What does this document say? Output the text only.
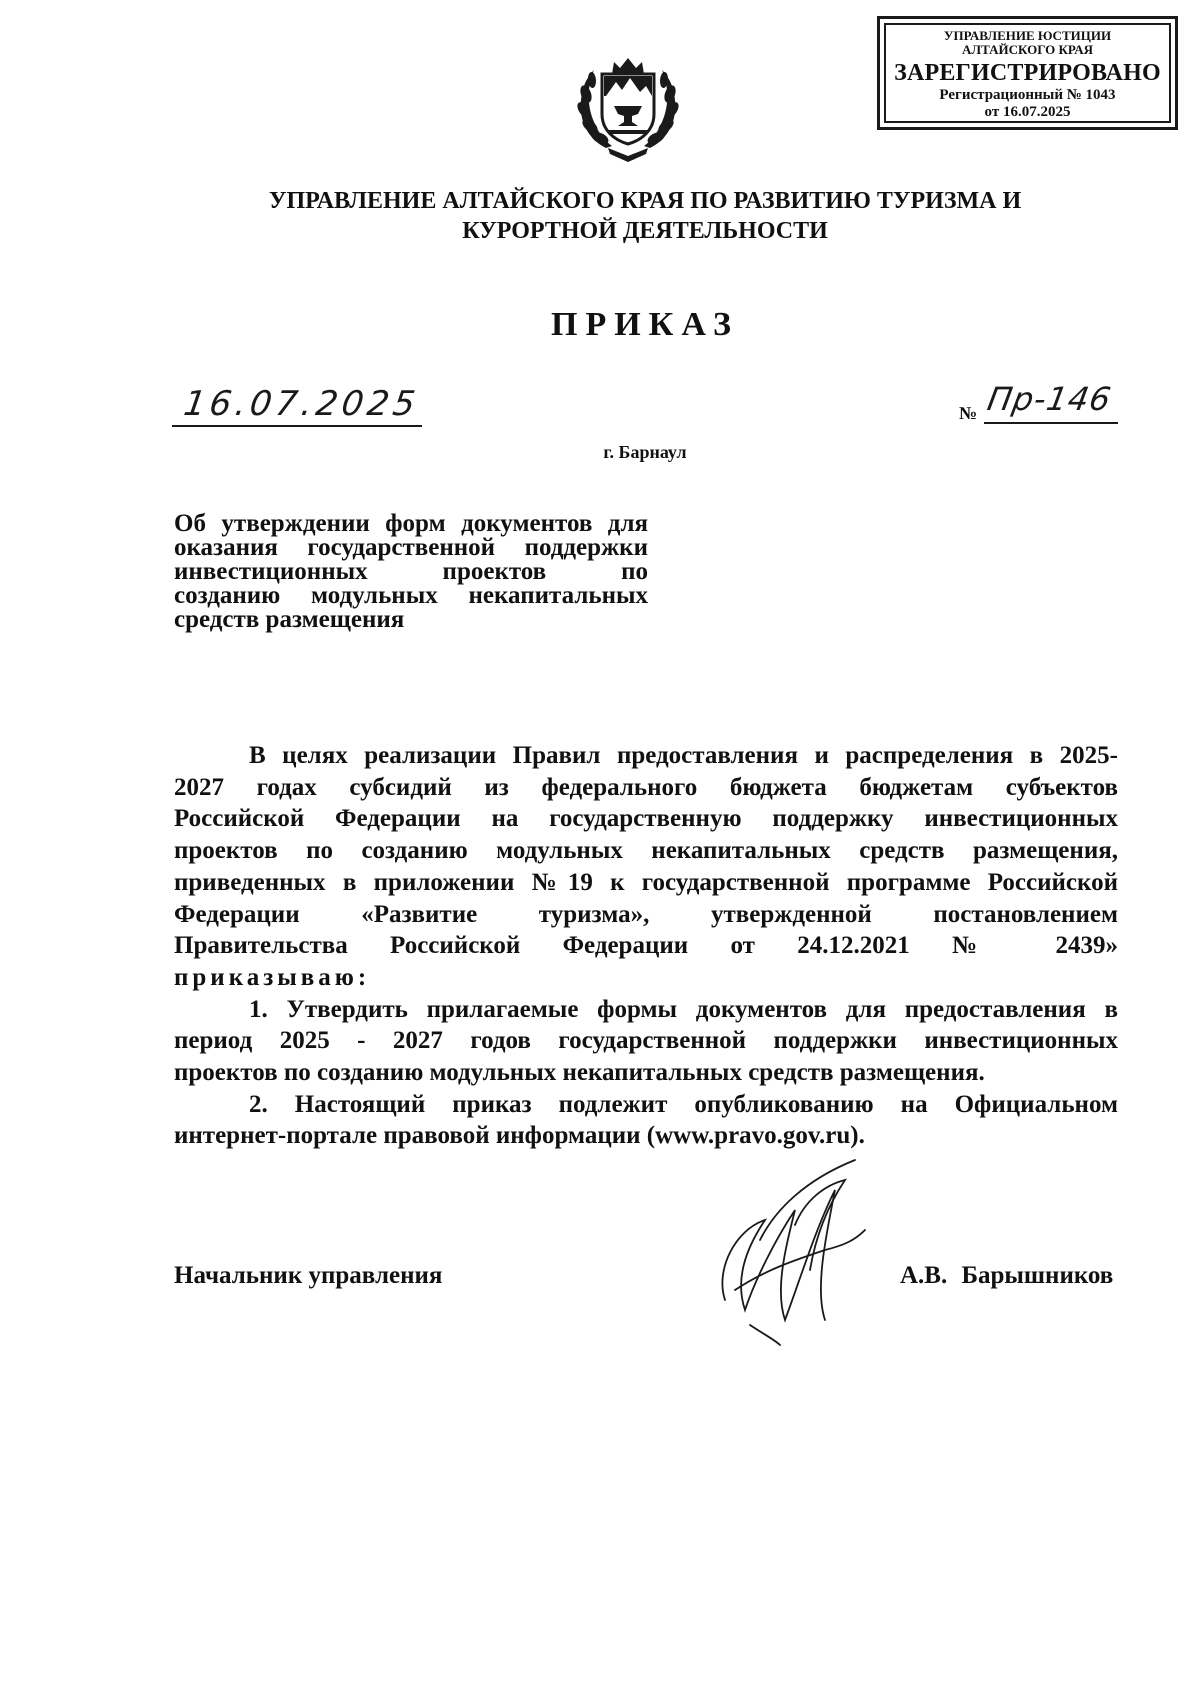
УПРАВЛЕНИЕ ЮСТИЦИИ
АЛТАЙСКОГО КРАЯ
ЗАРЕГИСТРИРОВАНО
Регистрационный № 1043
от 16.07.2025
УПРАВЛЕНИЕ АЛТАЙСКОГО КРАЯ ПО РАЗВИТИЮ ТУРИЗМА И
КУРОРТНОЙ ДЕЯТЕЛЬНОСТИ
ПРИКАЗ
16.07.2025	№ Пр-146
г. Барнаул
Об утверждении форм документов для
оказания государственной поддержки
инвестиционных проектов по
созданию модульных некапитальных
средств размещения
В целях реализации Правил предоставления и распределения в 2025-
2027 годах субсидий из федерального бюджета бюджетам субъектов
Российской Федерации на государственную поддержку инвестиционных
проектов по созданию модульных некапитальных средств размещения,
приведенных в приложении №19 к государственной программе Российской
Федерации «Развитие туризма», утвержденной постановлением
Правительства Российской Федерации от 24.12.2021 № 2439»
приказываю:
1. Утвердить прилагаемые формы документов для предоставления в
период 2025 - 2027 годов государственной поддержки инвестиционных
проектов по созданию модульных некапитальных средств размещения.
2. Настоящий приказ подлежит опубликованию на Официальном
интернет-портале правовой информации (www.pravo.gov.ru).
Начальник управления	А.В. Барышников
